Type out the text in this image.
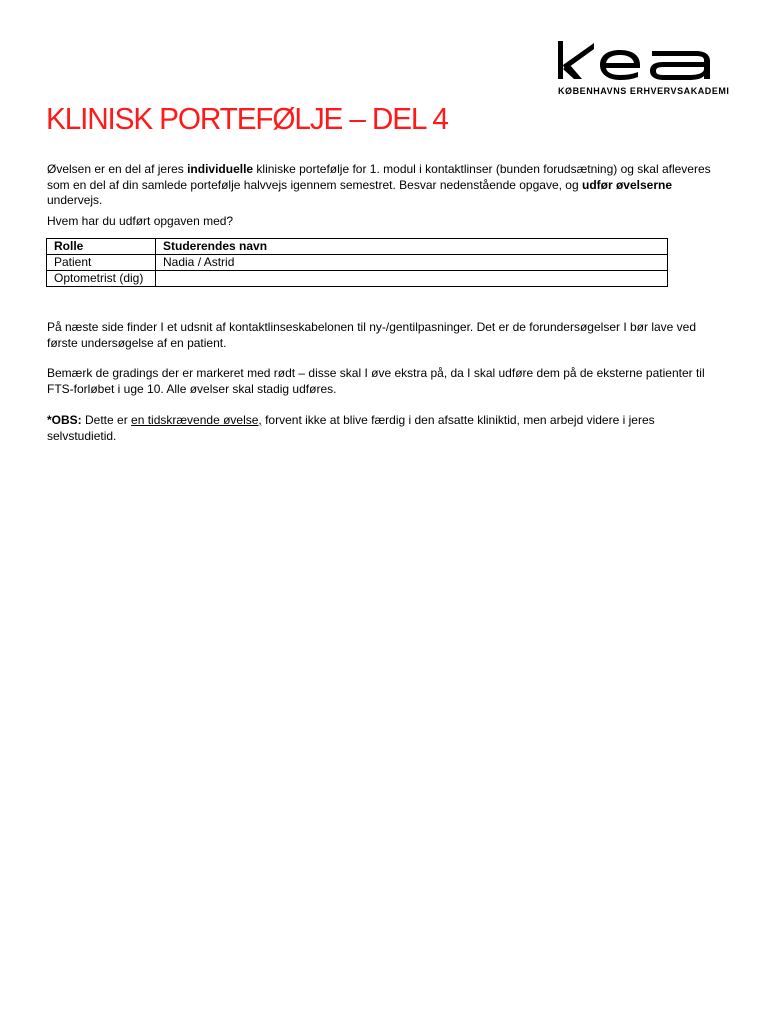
KØBENHAVNS ERHVERVSAKADEMI
KLINISK PORTEFØLJE – DEL 4

Øvelsen er en del af jeres individuelle kliniske portefølje for 1. modul i kontaktlinser (bunden forudsætning) og skal afleveres som en del af din samlede portefølje halvvejs igennem semestret. Besvar nedenstående opgave, og udfør øvelserne undervejs.

Hvem har du udført opgaven med?

Rolle	Studerendes navn
Patient	Nadia / Astrid
Optometrist (dig)	

På næste side finder I et udsnit af kontaktlinseskabelonen til ny-/gentilpasninger. Det er de forundersøgelser I bør lave ved første undersøgelse af en patient.

Bemærk de gradings der er markeret med rødt – disse skal I øve ekstra på, da I skal udføre dem på de eksterne patienter til FTS-forløbet i uge 10. Alle øvelser skal stadig udføres.

*OBS: Dette er en tidskrævende øvelse, forvent ikke at blive færdig i den afsatte kliniktid, men arbejd videre i jeres selvstudietid.
